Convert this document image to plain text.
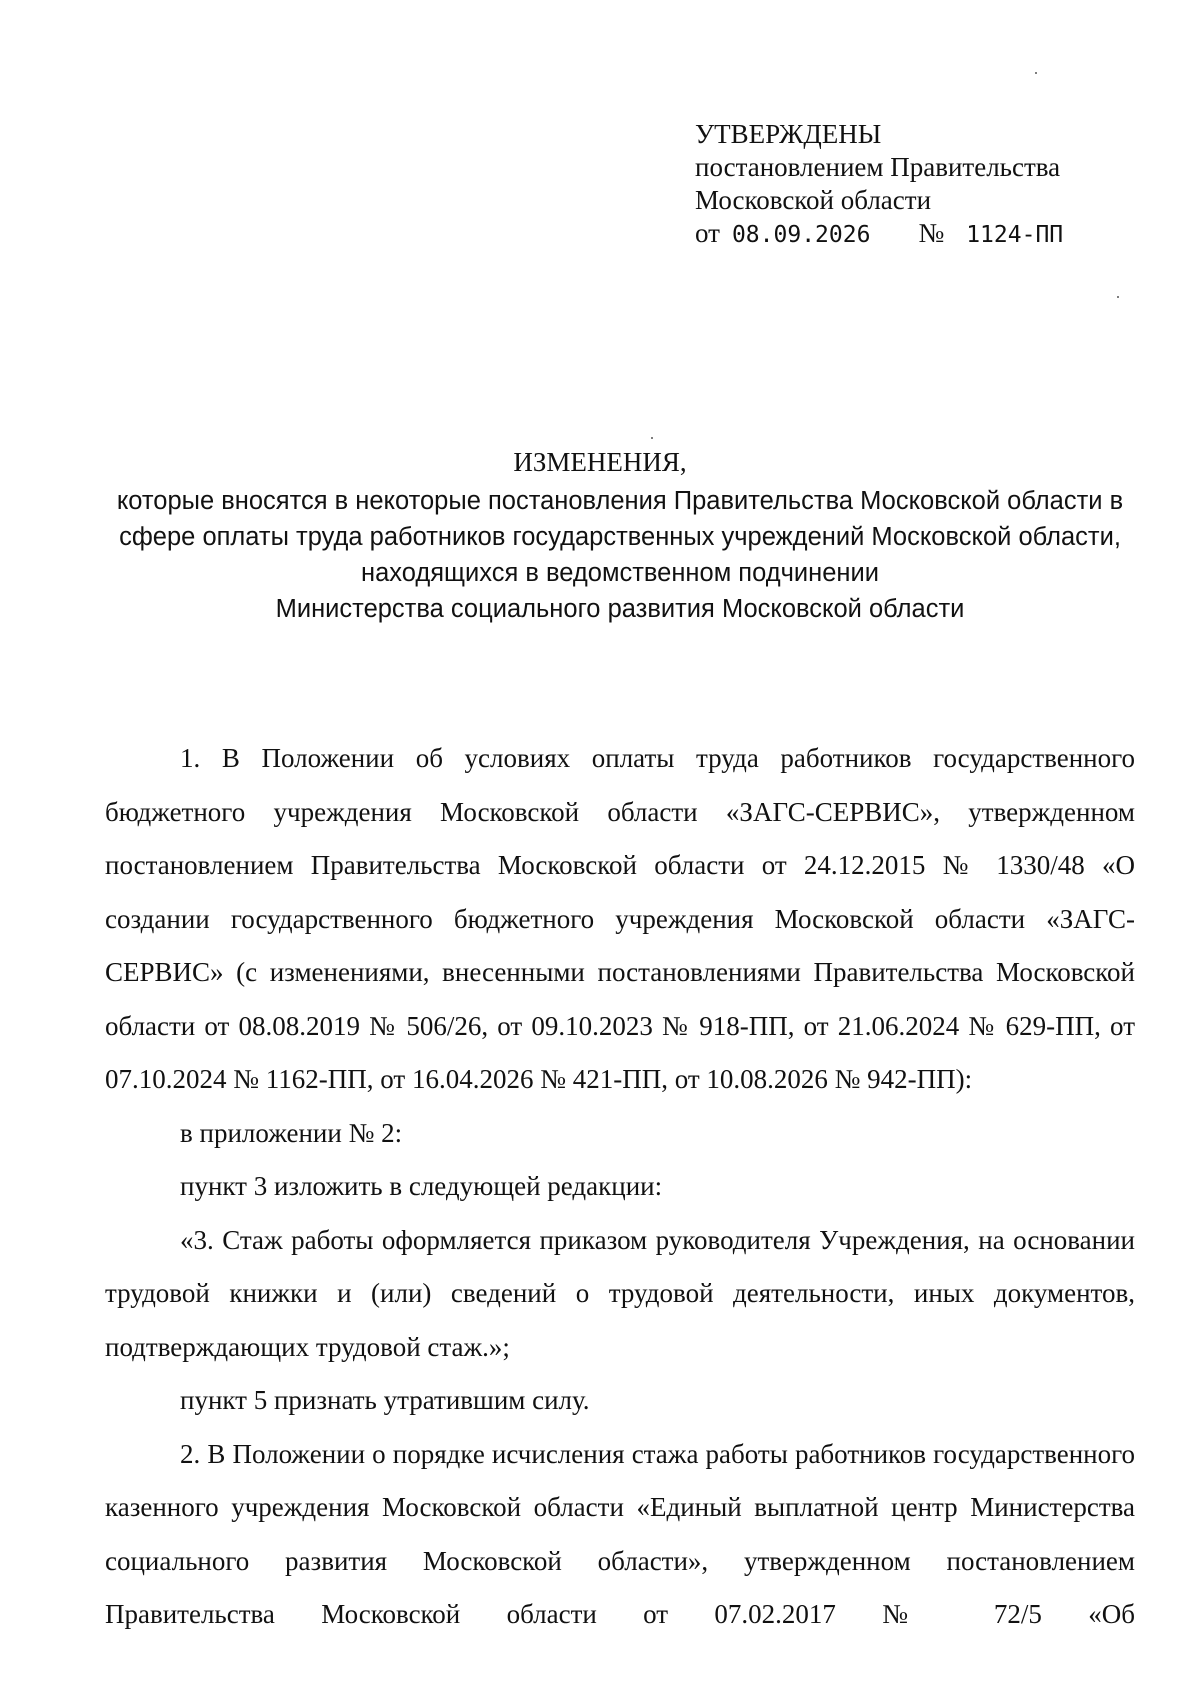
УТВЕРЖДЕНЫ
постановлением Правительства
Московской области
от 08.09.2026 № 1124-ПП
ИЗМЕНЕНИЯ,
которые вносятся в некоторые постановления Правительства Московской области в
сфере оплаты труда работников государственных учреждений Московской области,
находящихся в ведомственном подчинении
Министерства социального развития Московской области

1. В Положении об условиях оплаты труда работников государственного бюджетного учреждения Московской области «ЗАГС-СЕРВИС», утвержденном постановлением Правительства Московской области от 24.12.2015 № 1330/48 «О создании государственного бюджетного учреждения Московской области «ЗАГС-СЕРВИС» (с изменениями, внесенными постановлениями Правительства Московской области от 08.08.2019 № 506/26, от 09.10.2023 № 918-ПП, от 21.06.2024 № 629-ПП, от 07.10.2024 № 1162-ПП, от 16.04.2026 № 421-ПП, от 10.08.2026 № 942-ПП):

в приложении № 2:

пункт 3 изложить в следующей редакции:

«3. Стаж работы оформляется приказом руководителя Учреждения, на основании трудовой книжки и (или) сведений о трудовой деятельности, иных документов, подтверждающих трудовой стаж.»;

пункт 5 признать утратившим силу.

2. В Положении о порядке исчисления стажа работы работников государственного казенного учреждения Московской области «Единый выплатной центр Министерства социального развития Московской области», утвержденном постановлением Правительства Московской области от 07.02.2017 № 72/5 «Об
